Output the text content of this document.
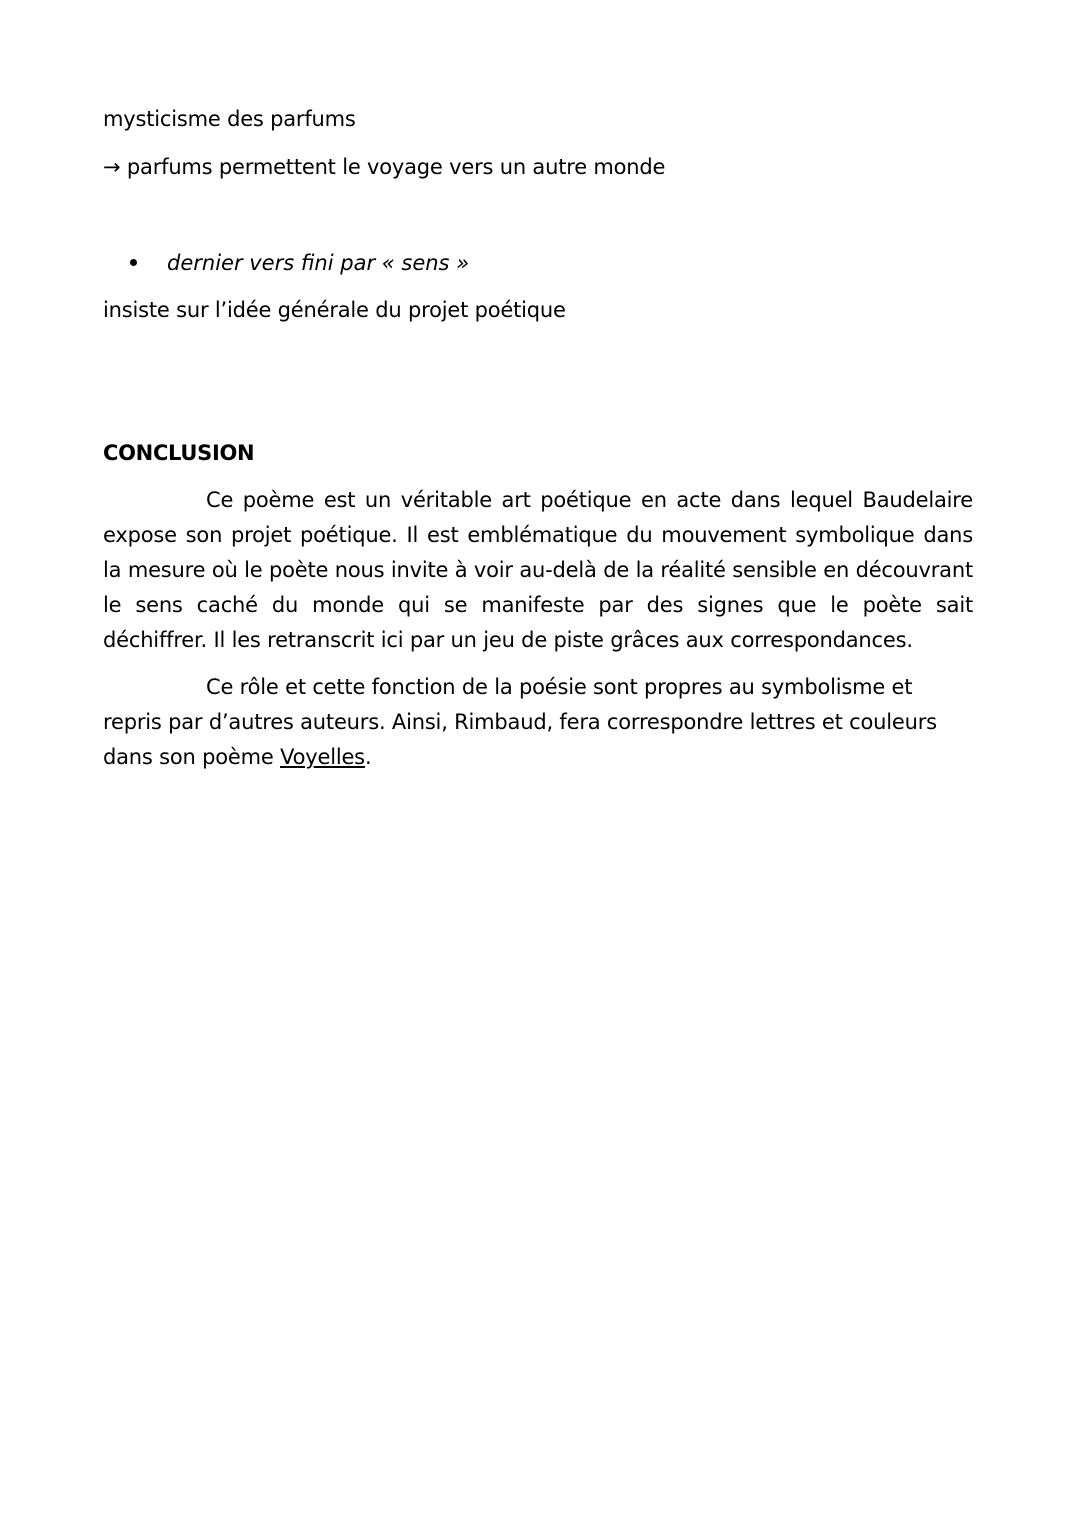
mysticisme des parfums
→ parfums permettent le voyage vers un autre monde
dernier vers fini par « sens »
insiste sur l’idée générale du projet poétique
CONCLUSION
Ce poème est un véritable art poétique en acte dans lequel Baudelaire expose son projet poétique. Il est emblématique du mouvement symbolique dans la mesure où le poète nous invite à voir au-delà de la réalité sensible en découvrant le sens caché du monde qui se manifeste par des signes que le poète sait déchiffrer. Il les retranscrit ici par un jeu de piste grâces aux correspondances.
Ce rôle et cette fonction de la poésie sont propres au symbolisme et repris par d’autres auteurs. Ainsi, Rimbaud, fera correspondre lettres et couleurs dans son poème Voyelles.
